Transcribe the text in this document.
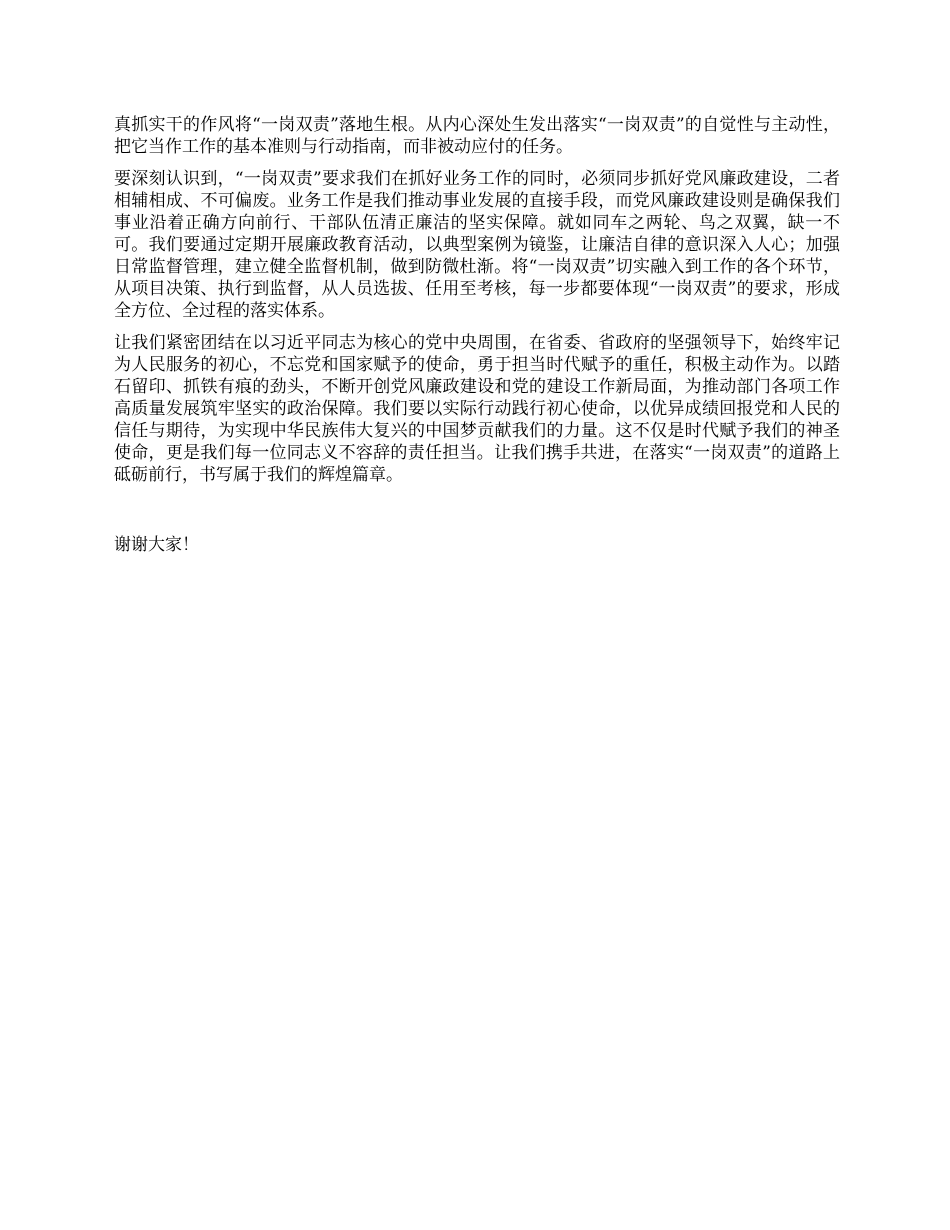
真抓实干的作风将“一岗双责”落地生根。从内心深处生发出落实“一岗双责”的自觉性与主动性，把它当作工作的基本准则与行动指南，而非被动应付的任务。

要深刻认识到，“一岗双责”要求我们在抓好业务工作的同时，必须同步抓好党风廉政建设，二者相辅相成、不可偏废。业务工作是我们推动事业发展的直接手段，而党风廉政建设则是确保我们事业沿着正确方向前行、干部队伍清正廉洁的坚实保障。就如同车之两轮、鸟之双翼，缺一不可。我们要通过定期开展廉政教育活动，以典型案例为镜鉴，让廉洁自律的意识深入人心；加强日常监督管理，建立健全监督机制，做到防微杜渐。将“一岗双责”切实融入到工作的各个环节，从项目决策、执行到监督，从人员选拔、任用至考核，每一步都要体现“一岗双责”的要求，形成全方位、全过程的落实体系。

让我们紧密团结在以习近平同志为核心的党中央周围，在省委、省政府的坚强领导下，始终牢记为人民服务的初心，不忘党和国家赋予的使命，勇于担当时代赋予的重任，积极主动作为。以踏石留印、抓铁有痕的劲头，不断开创党风廉政建设和党的建设工作新局面，为推动部门各项工作高质量发展筑牢坚实的政治保障。我们要以实际行动践行初心使命，以优异成绩回报党和人民的信任与期待，为实现中华民族伟大复兴的中国梦贡献我们的力量。这不仅是时代赋予我们的神圣使命，更是我们每一位同志义不容辞的责任担当。让我们携手共进，在落实“一岗双责”的道路上砥砺前行，书写属于我们的辉煌篇章。

谢谢大家！
